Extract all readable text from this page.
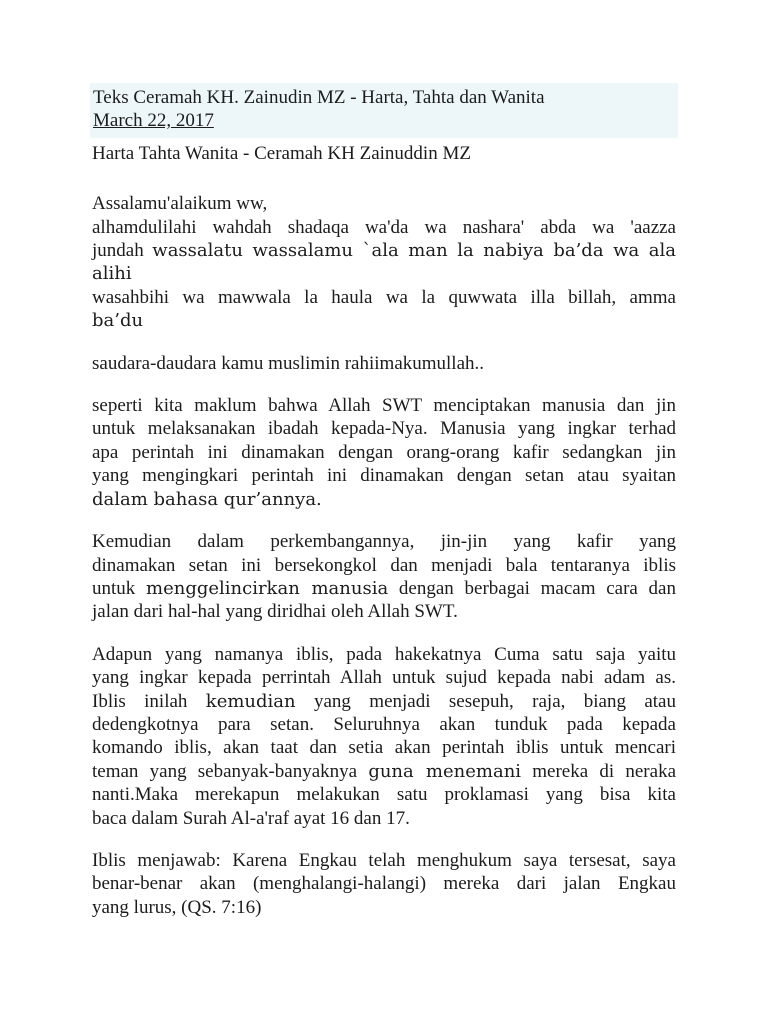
Teks Ceramah KH. Zainudin MZ - Harta, Tahta dan Wanita
March 22, 2017
Harta Tahta Wanita - Ceramah KH Zainuddin MZ
Assalamu'alaikum ww,
alhamdulilahi wahdah shadaqa wa'da wa nashara' abda wa 'aazza
jundah wassalatu wassalamu `ala man la nabiya ba’da wa ala alihi
wasahbihi wa mawwala la haula wa la quwwata illa billah, amma
ba’du
saudara-daudara kamu muslimin rahiimakumullah..
seperti kita maklum bahwa Allah SWT menciptakan manusia dan jin
untuk melaksanakan ibadah kepada-Nya. Manusia yang ingkar terhad
apa perintah ini dinamakan dengan orang-orang kafir sedangkan jin
yang mengingkari perintah ini dinamakan dengan setan atau syaitan
dalam bahasa qur’annya.
Kemudian dalam perkembangannya, jin-jin yang kafir yang
dinamakan setan ini bersekongkol dan menjadi bala tentaranya iblis
untuk menggelincirkan manusia dengan berbagai macam cara dan
jalan dari hal-hal yang diridhai oleh Allah SWT.
Adapun yang namanya iblis, pada hakekatnya Cuma satu saja yaitu
yang ingkar kepada perrintah Allah untuk sujud kepada nabi adam as.
Iblis inilah kemudian yang menjadi sesepuh, raja, biang atau
dedengkotnya para setan. Seluruhnya akan tunduk pada kepada
komando iblis, akan taat dan setia akan perintah iblis untuk mencari
teman yang sebanyak-banyaknya guna menemani mereka di neraka
nanti.Maka merekapun melakukan satu proklamasi yang bisa kita
baca dalam Surah Al-a'raf ayat 16 dan 17.
Iblis menjawab: Karena Engkau telah menghukum saya tersesat, saya
benar-benar akan (menghalangi-halangi) mereka dari jalan Engkau
yang lurus, (QS. 7:16)
